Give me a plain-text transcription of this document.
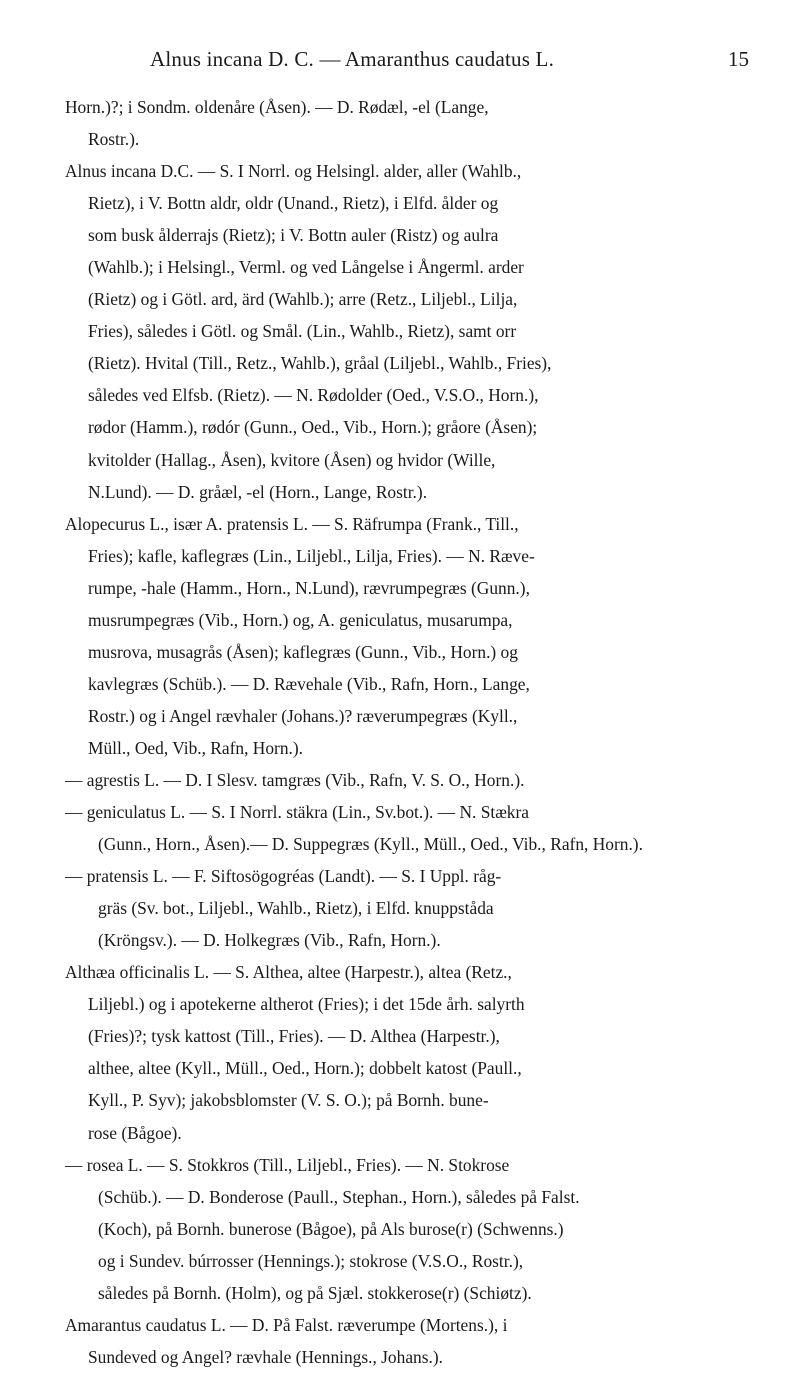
Alnus incana D. C. — Amaranthus caudatus L.	15
Horn.)?; i Sondm. oldenåre (Åsen). — D. Rødæl, -el (Lange,
Rostr.).
Alnus incana D.C. — S. I Norrl. og Helsingl. alder, aller (Wahlb.,
Rietz), i V. Bottn aldr, oldr (Unand., Rietz), i Elfd. ålder og
som busk ålderrajs (Rietz); i V. Bottn auler (Ristz) og aulra
(Wahlb.); i Helsingl., Verml. og ved Långelse i Ångerml. arder
(Rietz) og i Götl. ard, ärd (Wahlb.); arre (Retz., Liljebl., Lilja,
Fries), således i Götl. og Smål. (Lin., Wahlb., Rietz), samt orr
(Rietz). Hvital (Till., Retz., Wahlb.), gråal (Liljebl., Wahlb., Fries),
således ved Elfsb. (Rietz). — N. Rødolder (Oed., V.S.O., Horn.),
rødor (Hamm.), rødór (Gunn., Oed., Vib., Horn.); gråore (Åsen);
kvitolder (Hallag., Åsen), kvitore (Åsen) og hvidor (Wille,
N.Lund). — D. gråæl, -el (Horn., Lange, Rostr.).
Alopecurus L., især A. pratensis L. — S. Räfrumpa (Frank., Till.,
Fries); kafle, kaflegræs (Lin., Liljebl., Lilja, Fries). — N. Ræve-
rumpe, -hale (Hamm., Horn., N.Lund), rævrumpegræs (Gunn.),
musrumpegræs (Vib., Horn.) og, A. geniculatus, musarumpa,
musrova, musagrås (Åsen); kaflegræs (Gunn., Vib., Horn.) og
kavlegræs (Schüb.). — D. Rævehale (Vib., Rafn, Horn., Lange,
Rostr.) og i Angel rævhaler (Johans.)? ræverumpegræs (Kyll.,
Müll., Oed, Vib., Rafn, Horn.).
— agrestis L. — D. I Slesv. tamgræs (Vib., Rafn, V. S. O., Horn.).
— geniculatus L. — S. I Norrl. stäkra (Lin., Sv.bot.). — N. Stækra
(Gunn., Horn., Åsen).— D. Suppegræs (Kyll., Müll., Oed., Vib., Rafn, Horn.).
— pratensis L. — F. Siftosögogréas (Landt). — S. I Uppl. råg-
gräs (Sv. bot., Liljebl., Wahlb., Rietz), i Elfd. knuppståda
(Kröngsv.). — D. Holkegræs (Vib., Rafn, Horn.).
Althæa officinalis L. — S. Althea, altee (Harpestr.), altea (Retz.,
Liljebl.) og i apotekerne altherot (Fries); i det 15de årh. salyrth
(Fries)?; tysk kattost (Till., Fries). — D. Althea (Harpestr.),
althee, altee (Kyll., Müll., Oed., Horn.); dobbelt katost (Paull.,
Kyll., P. Syv); jakobsblomster (V. S. O.); på Bornh. bune-
rose (Bågoe).
— rosea L. — S. Stokkros (Till., Liljebl., Fries). — N. Stokrose
(Schüb.). — D. Bonderose (Paull., Stephan., Horn.), således på Falst.
(Koch), på Bornh. bunerose (Bågoe), på Als burose(r) (Schwenns.)
og i Sundev. búrrosser (Hennings.); stokrose (V.S.O., Rostr.),
således på Bornh. (Holm), og på Sjæl. stokkerose(r) (Schiøtz).
Amarantus caudatus L. — D. På Falst. ræverumpe (Mortens.), i
Sundeved og Angel? rævhale (Hennings., Johans.).
